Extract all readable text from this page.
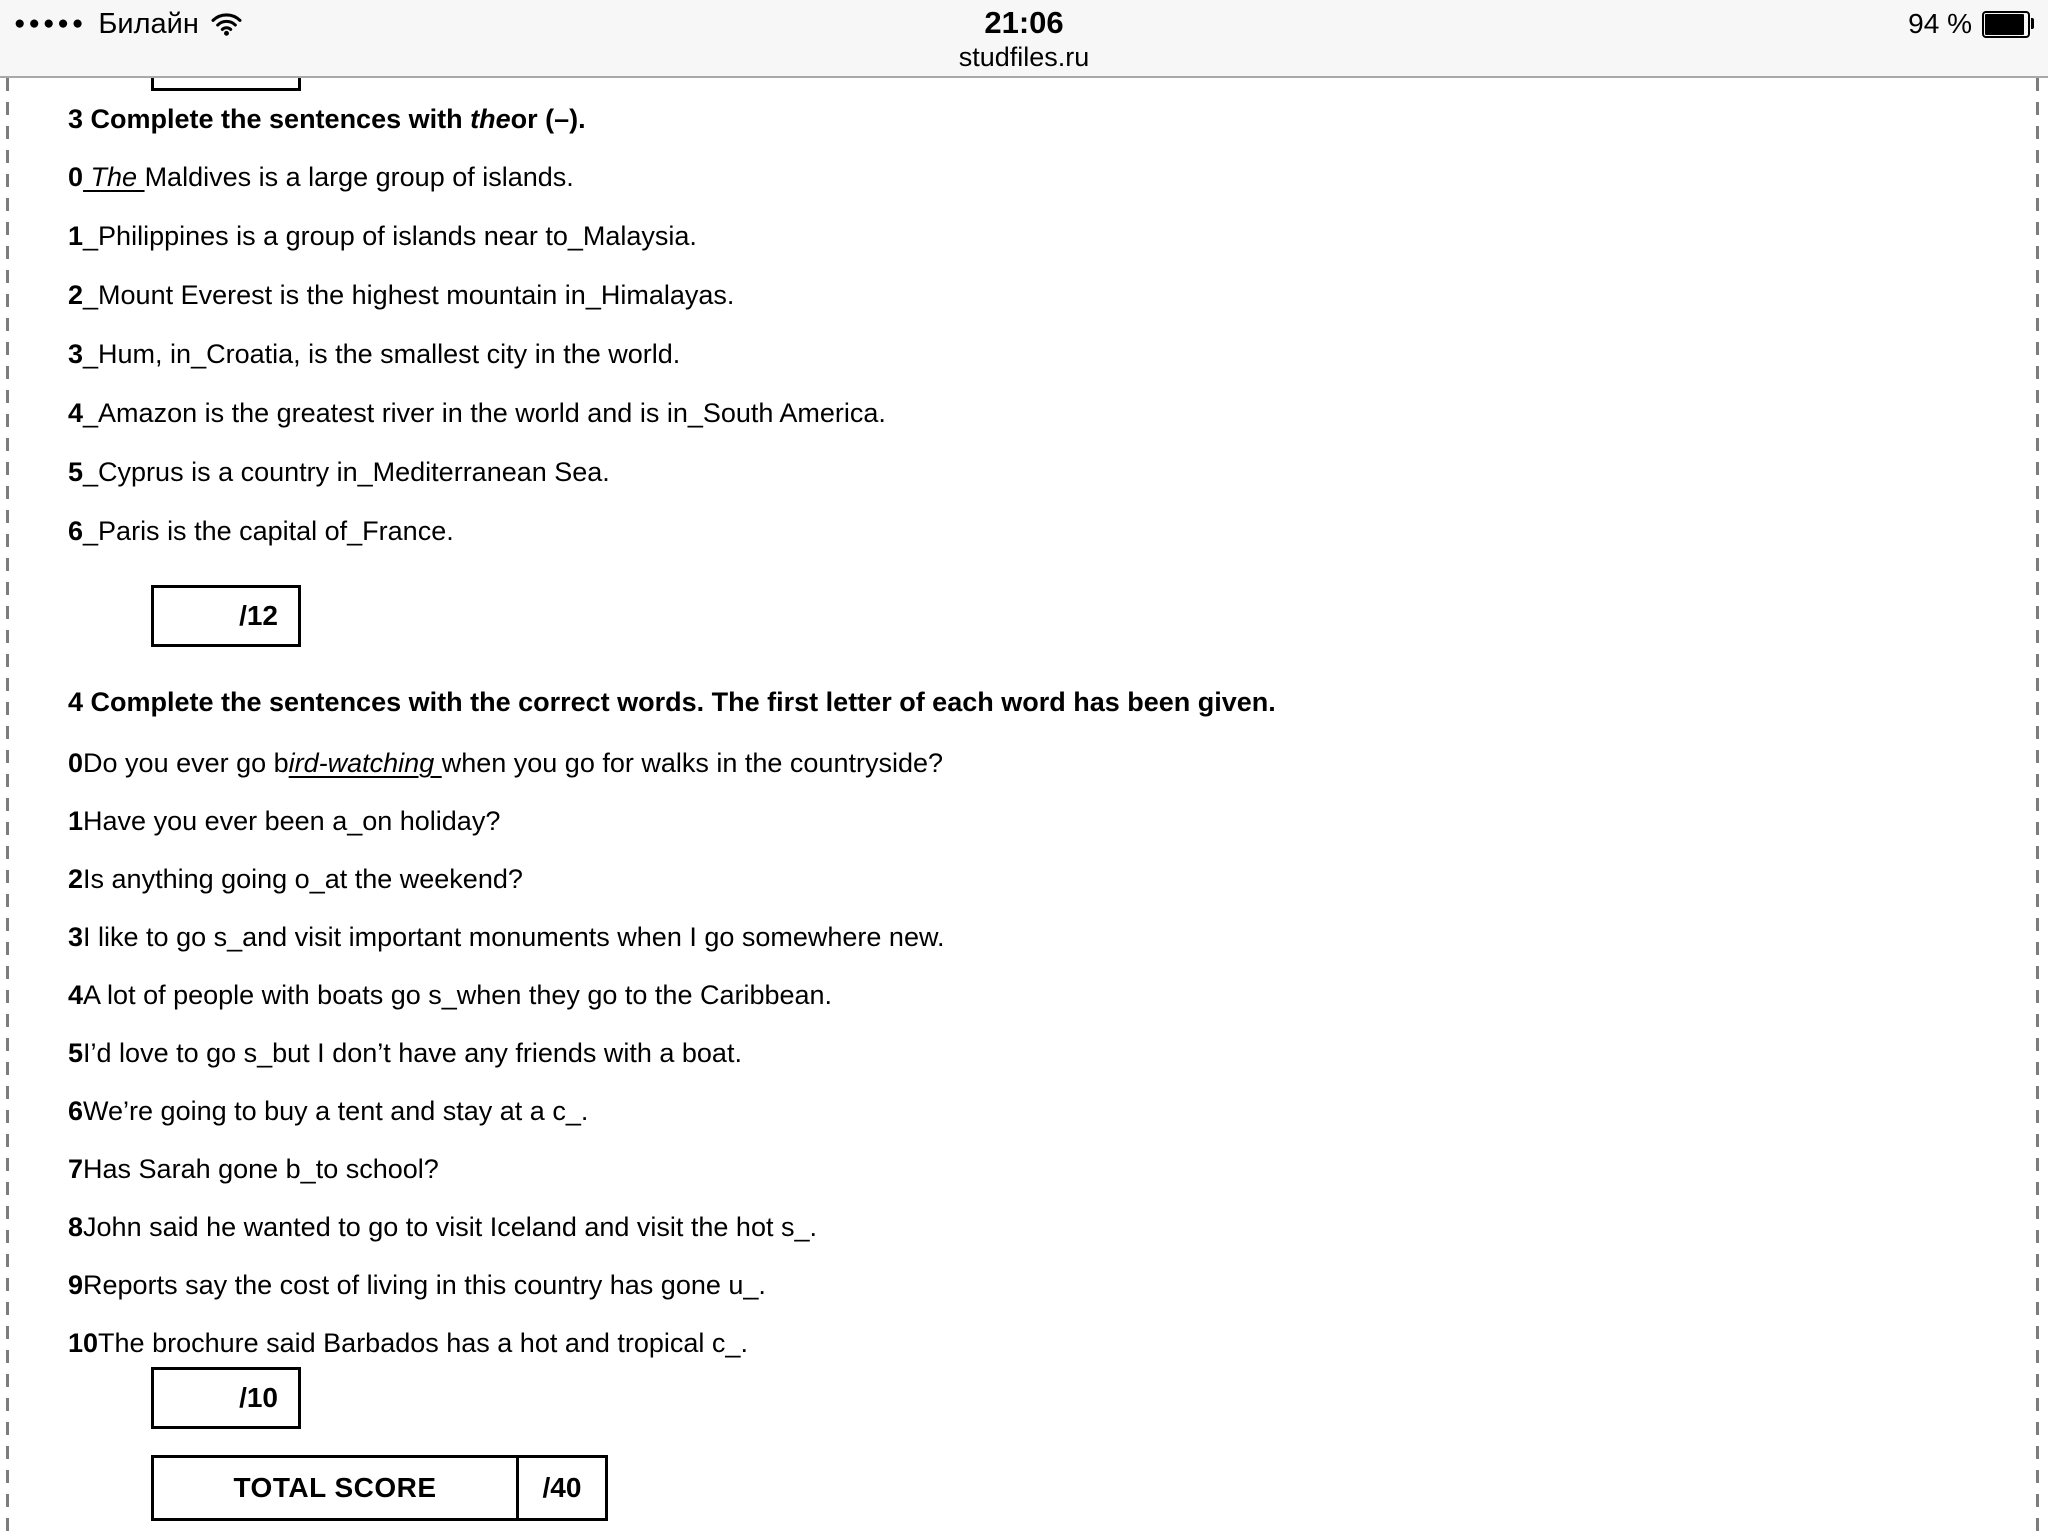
●●●●● Билайн	21:06
studfiles.ru
94 %

3 Complete the sentences with theor (–).

0 The Maldives is a large group of islands.

1_Philippines is a group of islands near to_Malaysia.

2_Mount Everest is the highest mountain in_Himalayas.

3_Hum, in_Croatia, is the smallest city in the world.

4_Amazon is the greatest river in the world and is in_South America.

5_Cyprus is a country in_Mediterranean Sea.

6_Paris is the capital of_France.

/12

4 Complete the sentences with the correct words. The first letter of each word has been given.

0Do you ever go bird-watching when you go for walks in the countryside?

1Have you ever been a_on holiday?

2Is anything going o_at the weekend?

3I like to go s_and visit important monuments when I go somewhere new.

4A lot of people with boats go s_when they go to the Caribbean.

5I’d love to go s_but I don’t have any friends with a boat.

6We’re going to buy a tent and stay at a c_.

7Has Sarah gone b_to school?

8John said he wanted to go to visit Iceland and visit the hot s_.

9Reports say the cost of living in this country has gone u_.

10The brochure said Barbados has a hot and tropical c_.

/10
TOTAL SCORE	/40
